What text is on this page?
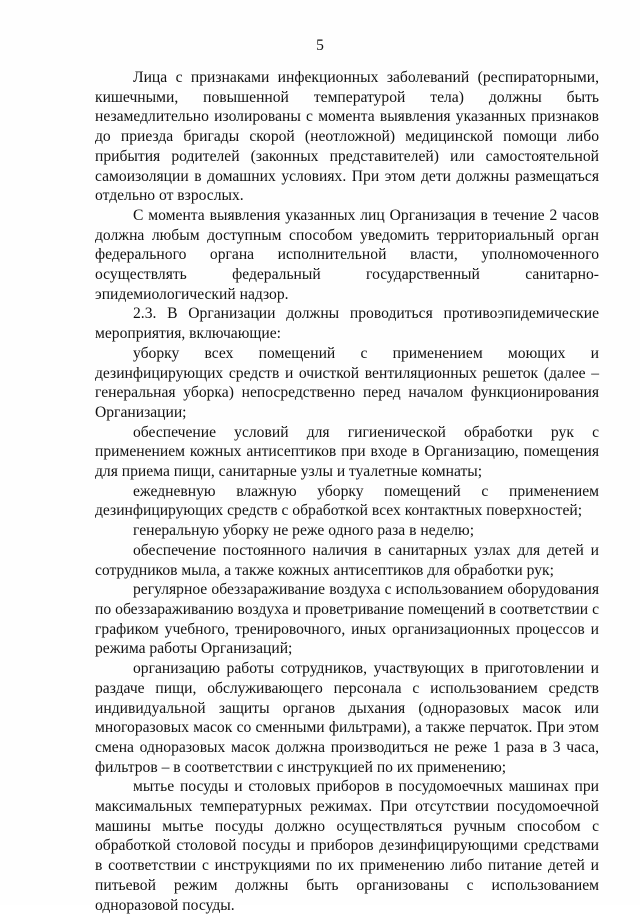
5

Лица с признаками инфекционных заболеваний (респираторными, кишечными, повышенной температурой тела) должны быть незамедлительно изолированы с момента выявления указанных признаков до приезда бригады скорой (неотложной) медицинской помощи либо прибытия родителей (законных представителей) или самостоятельной самоизоляции в домашних условиях. При этом дети должны размещаться отдельно от взрослых.

С момента выявления указанных лиц Организация в течение 2 часов должна любым доступным способом уведомить территориальный орган федерального органа исполнительной власти, уполномоченного осуществлять федеральный государственный санитарно-эпидемиологический надзор.

2.3. В Организации должны проводиться противоэпидемические мероприятия, включающие:

уборку всех помещений с применением моющих и дезинфицирующих средств и очисткой вентиляционных решеток (далее – генеральная уборка) непосредственно перед началом функционирования Организации;

обеспечение условий для гигиенической обработки рук с применением кожных антисептиков при входе в Организацию, помещения для приема пищи, санитарные узлы и туалетные комнаты;

ежедневную влажную уборку помещений с применением дезинфицирующих средств с обработкой всех контактных поверхностей;

генеральную уборку не реже одного раза в неделю;

обеспечение постоянного наличия в санитарных узлах для детей и сотрудников мыла, а также кожных антисептиков для обработки рук;

регулярное обеззараживание воздуха с использованием оборудования по обеззараживанию воздуха и проветривание помещений в соответствии с графиком учебного, тренировочного, иных организационных процессов и режима работы Организаций;

организацию работы сотрудников, участвующих в приготовлении и раздаче пищи, обслуживающего персонала с использованием средств индивидуальной защиты органов дыхания (одноразовых масок или многоразовых масок со сменными фильтрами), а также перчаток. При этом смена одноразовых масок должна производиться не реже 1 раза в 3 часа, фильтров – в соответствии с инструкцией по их применению;

мытье посуды и столовых приборов в посудомоечных машинах при максимальных температурных режимах. При отсутствии посудомоечной машины мытье посуды должно осуществляться ручным способом с обработкой столовой посуды и приборов дезинфицирующими средствами в соответствии с инструкциями по их применению либо питание детей и питьевой режим должны быть организованы с использованием одноразовой посуды.
